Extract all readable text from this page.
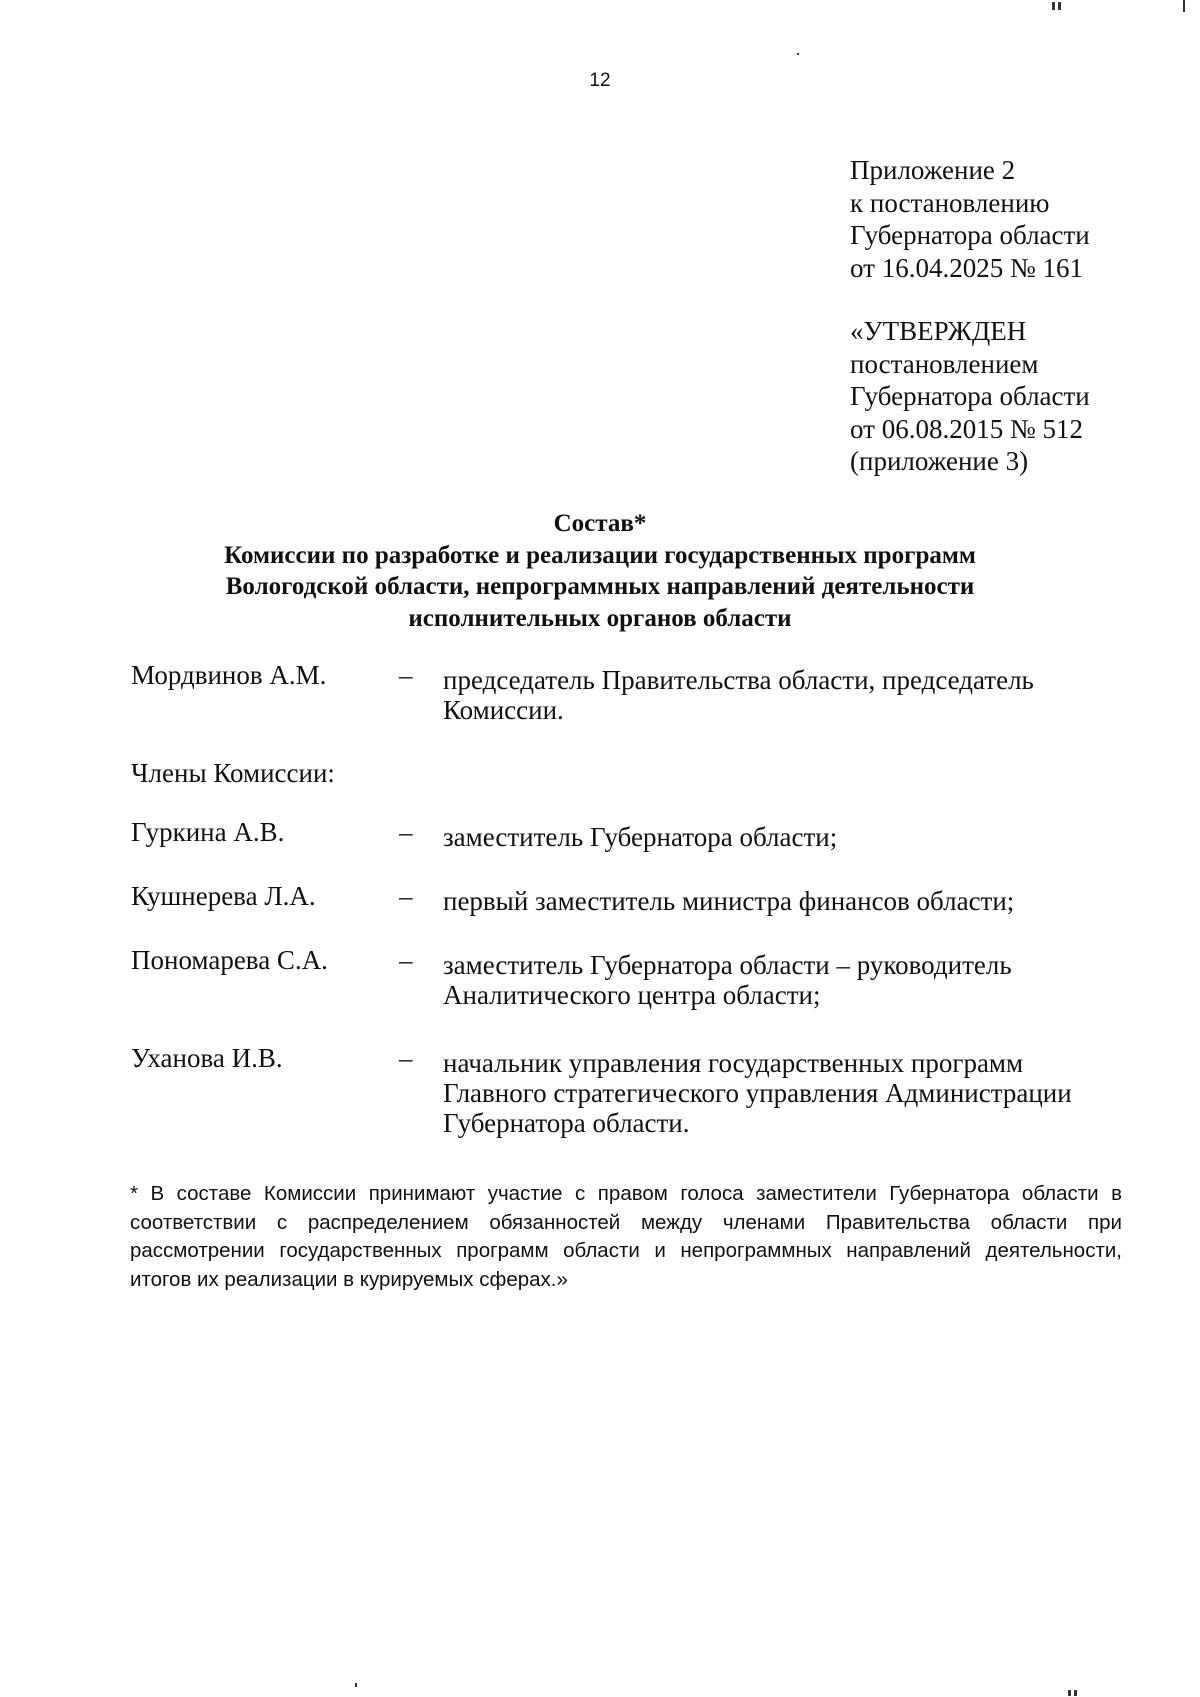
12
Приложение 2
к постановлению
Губернатора области
от 16.04.2025 № 161
«УТВЕРЖДЕН
постановлением
Губернатора области
от 06.08.2015 № 512
(приложение 3)
Состав*
Комиссии по разработке и реализации государственных программ
Вологодской области, непрограммных направлений деятельности
исполнительных органов области
Мордвинов А.М.	– председатель Правительства области, председатель Комиссии.
Члены Комиссии:
Гуркина А.В.	– заместитель Губернатора области;
Кушнерева Л.А.	– первый заместитель министра финансов области;
Пономарева С.А.	– заместитель Губернатора области – руководитель Аналитического центра области;
Уханова И.В.	– начальник управления государственных программ Главного стратегического управления Администрации Губернатора области.
* В составе Комиссии принимают участие с правом голоса заместители Губернатора области в соответствии с распределением обязанностей между членами Правительства области при рассмотрении государственных программ области и непрограммных направлений деятельности, итогов их реализации в курируемых сферах.»
